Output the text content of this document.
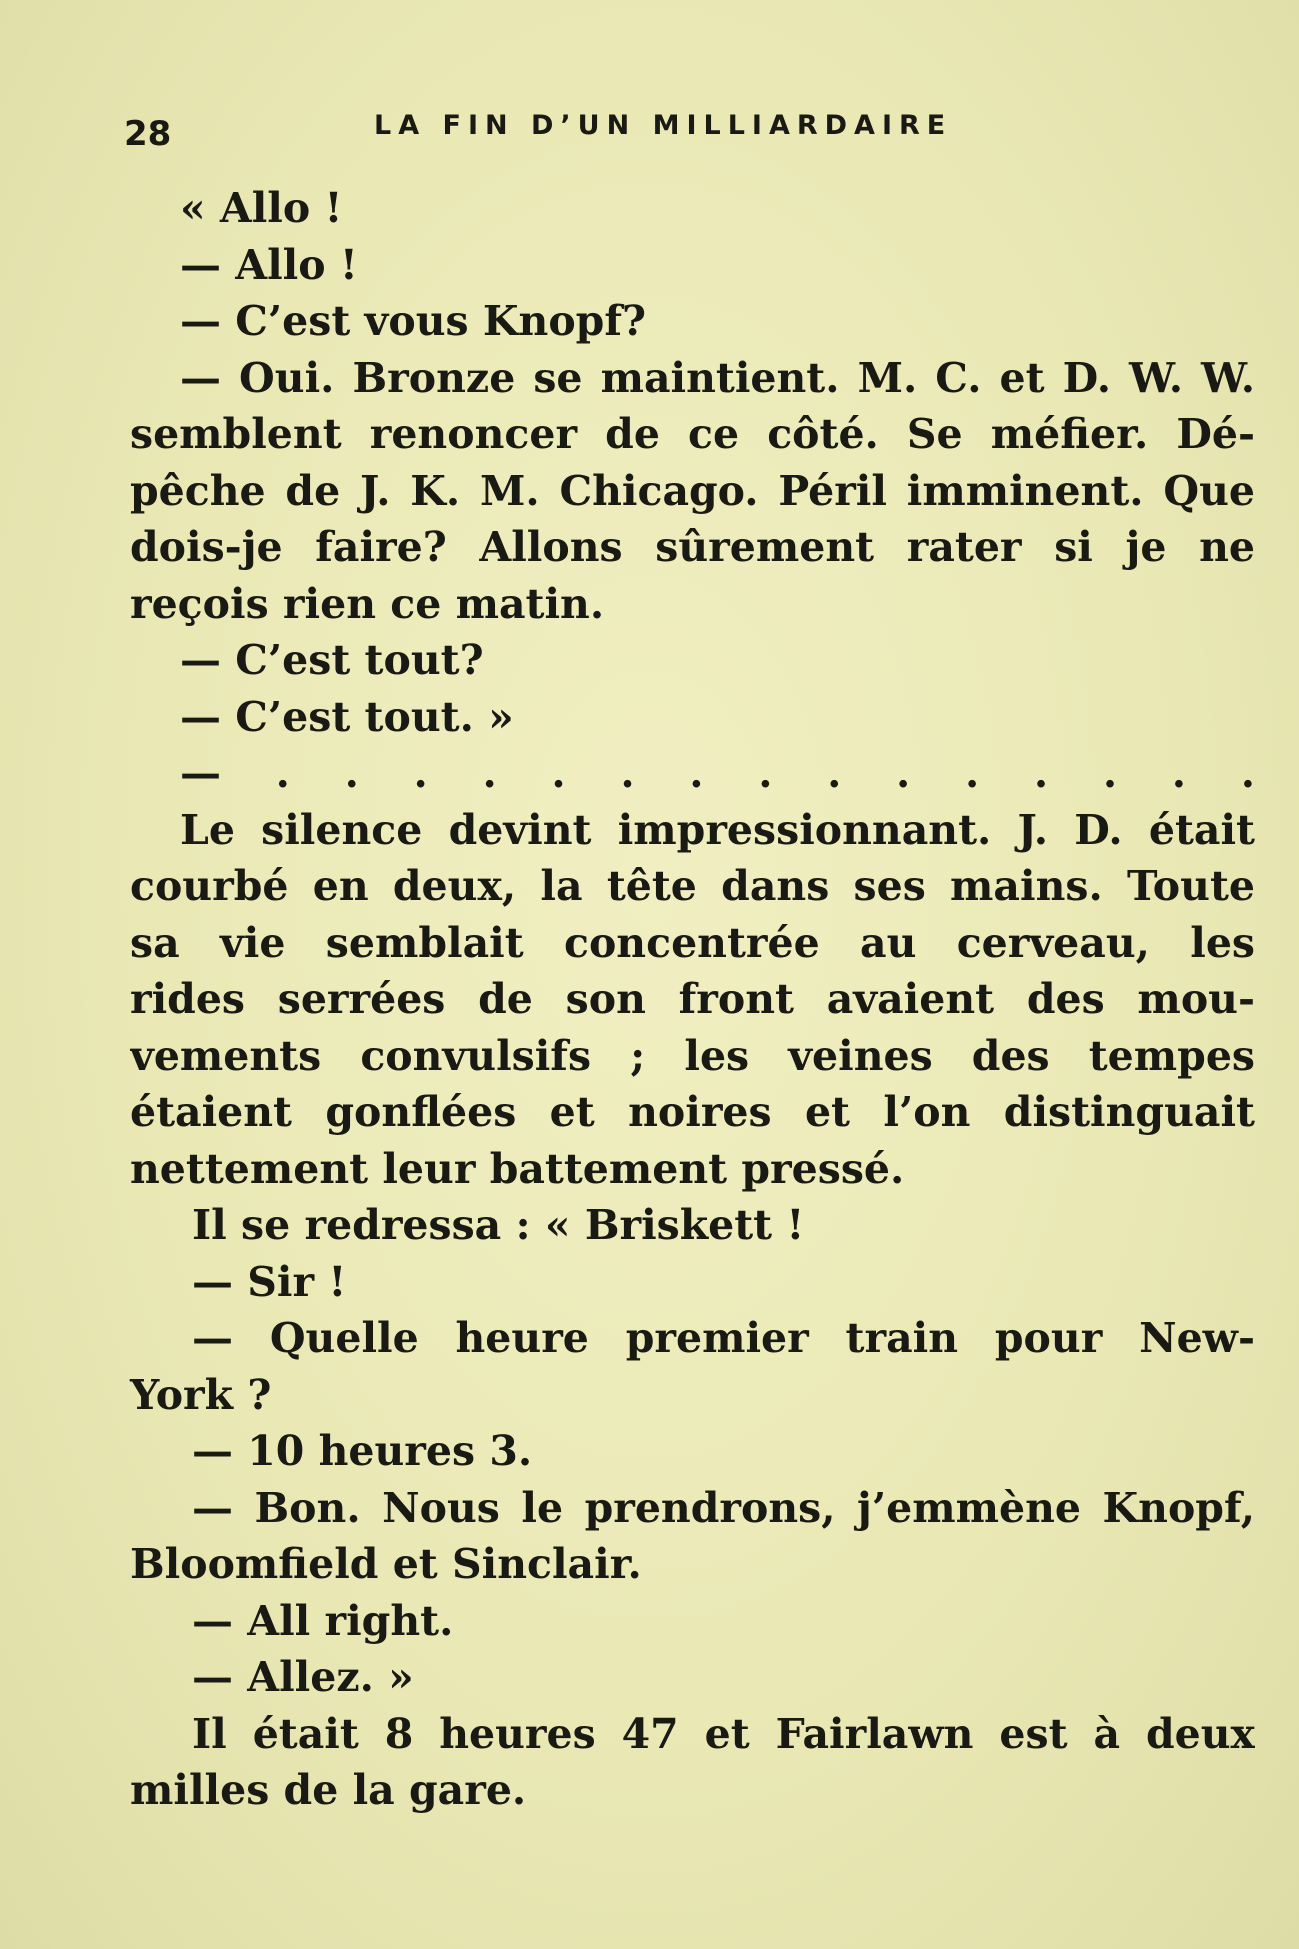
28	LA FIN D’UN MILLIARDAIRE
« Allo !
— Allo !
— C’est vous Knopf?
— Oui. Bronze se maintient. M. C. et D. W. W.
semblent renoncer de ce côté. Se méfier. Dé-
pêche de J. K. M. Chicago. Péril imminent. Que
dois-je faire? Allons sûrement rater si je ne
reçois rien ce matin.
— C’est tout?
— C’est tout. »
— . . . . . . . . . . . . . . .
Le silence devint impressionnant. J. D. était
courbé en deux, la tête dans ses mains. Toute
sa vie semblait concentrée au cerveau, les
rides serrées de son front avaient des mou-
vements convulsifs ; les veines des tempes
étaient gonflées et noires et l’on distinguait
nettement leur battement pressé.
Il se redressa : « Briskett !
— Sir !
— Quelle heure premier train pour New-
York ?
— 10 heures 3.
— Bon. Nous le prendrons, j’emmène Knopf,
Bloomfield et Sinclair.
— All right.
— Allez. »
Il était 8 heures 47 et Fairlawn est à deux
milles de la gare.
